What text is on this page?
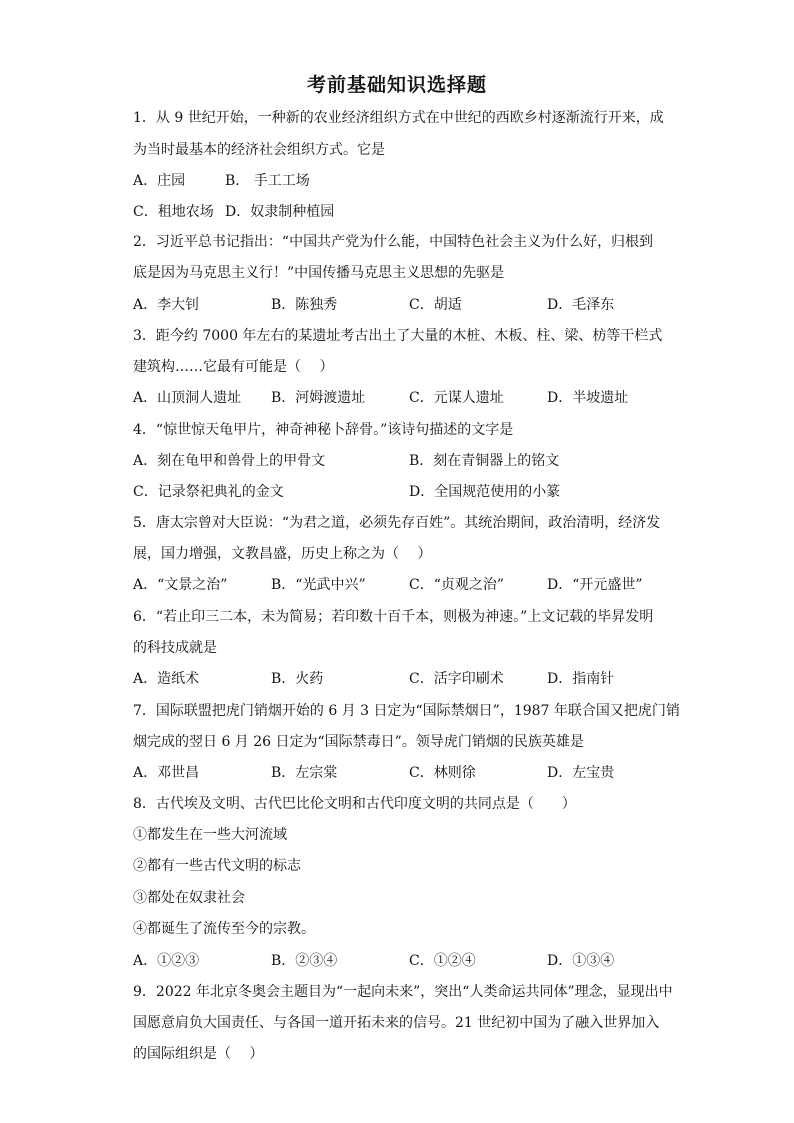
考前基础知识选择题
1．从 9 世纪开始，一种新的农业经济组织方式在中世纪的西欧乡村逐渐流行开来，成
为当时最基本的经济社会组织方式。它是
A．庄园	B． 手工工场
C．租地农场 D．奴隶制种植园
2．习近平总书记指出：“中国共产党为什么能，中国特色社会主义为什么好，归根到
底是因为马克思主义行！”中国传播马克思主义思想的先驱是
A．李大钊	B．陈独秀	C．胡适	D．毛泽东
3．距今约 7000 年左右的某遗址考古出土了大量的木桩、木板、柱、梁、枋等干栏式
建筑构……它最有可能是（　 ）
A．山顶洞人遗址 B．河姆渡遗址	C．元谋人遗址	D．半坡遗址
4．“惊世惊天龟甲片，神奇神秘卜辞骨。”该诗句描述的文字是
A．刻在龟甲和兽骨上的甲骨文	B．刻在青铜器上的铭文
C．记录祭祀典礼的金文	D．全国规范使用的小篆
5．唐太宗曾对大臣说：“为君之道，必须先存百姓”。其统治期间，政治清明，经济发
展，国力增强，文教昌盛，历史上称之为（　 ）
A．“文景之治”	B．“光武中兴”	C．“贞观之治”	D．“开元盛世”
6．“若止印三二本，未为简易；若印数十百千本，则极为神速。”上文记载的毕昇发明
的科技成就是
A．造纸术	B．火药	C．活字印刷术	D．指南针
7．国际联盟把虎门销烟开始的 6 月 3 日定为“国际禁烟日”，1987 年联合国又把虎门销
烟完成的翌日 6 月 26 日定为“国际禁毒日”。领导虎门销烟的民族英雄是
A．邓世昌	B．左宗棠	C．林则徐	D．左宝贵
8．古代埃及文明、古代巴比伦文明和古代印度文明的共同点是（　　）
①都发生在一些大河流域
②都有一些古代文明的标志
③都处在奴隶社会
④都诞生了流传至今的宗教。
A．①②③	B．②③④	C．①②④	D．①③④
9．2022 年北京冬奥会主题目为“一起向未来”，突出“人类命运共同体”理念，显现出中
国愿意肩负大国责任、与各国一道开拓未来的信号。21 世纪初中国为了融入世界加入
的国际组织是（　 ）
